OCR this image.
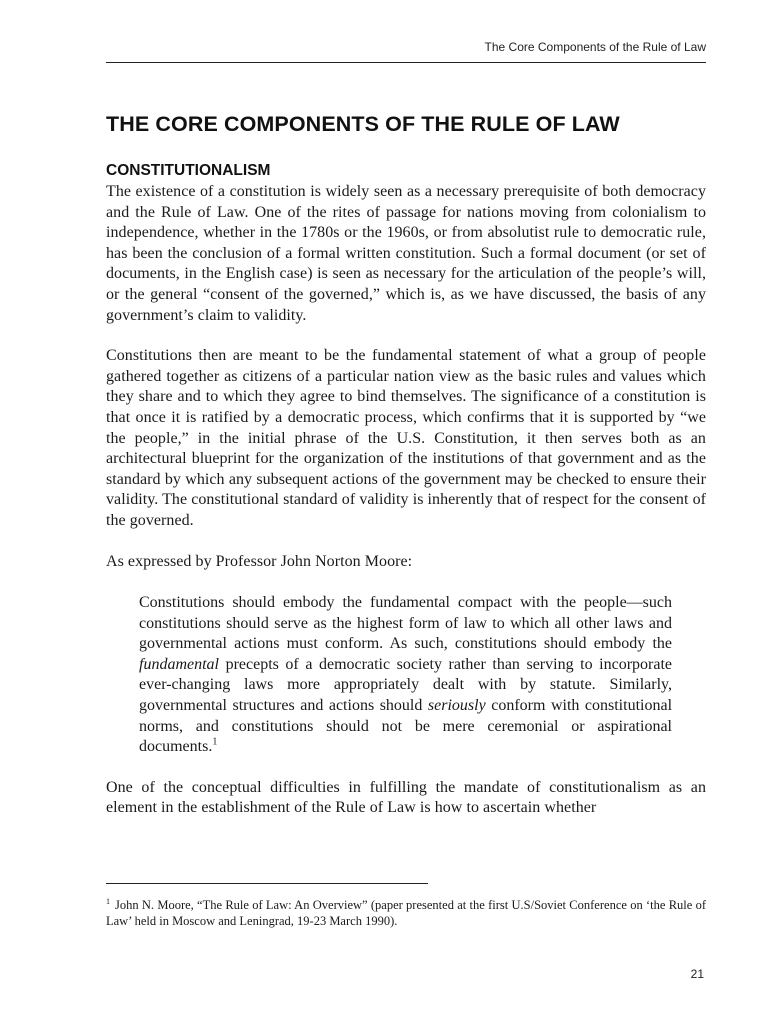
The Core Components of the Rule of Law
THE CORE COMPONENTS OF THE RULE OF LAW
CONSTITUTIONALISM

The existence of a constitution is widely seen as a necessary prerequisite of both democracy and the Rule of Law. One of the rites of passage for nations moving from colonialism to independence, whether in the 1780s or the 1960s, or from absolutist rule to democratic rule, has been the conclusion of a formal written constitution. Such a formal document (or set of documents, in the English case) is seen as necessary for the articulation of the people’s will, or the general “consent of the governed,” which is, as we have discussed, the basis of any government’s claim to validity.

Constitutions then are meant to be the fundamental statement of what a group of people gathered together as citizens of a particular nation view as the basic rules and values which they share and to which they agree to bind themselves. The significance of a constitution is that once it is ratified by a democratic process, which confirms that it is supported by “we the people,” in the initial phrase of the U.S. Constitution, it then serves both as an architectural blueprint for the organization of the institutions of that government and as the standard by which any subsequent actions of the government may be checked to ensure their validity. The constitutional standard of validity is inherently that of respect for the consent of the governed.

As expressed by Professor John Norton Moore:

Constitutions should embody the fundamental compact with the people—such constitutions should serve as the highest form of law to which all other laws and governmental actions must conform. As such, constitutions should embody the fundamental precepts of a democratic society rather than serving to incorporate ever-changing laws more appropriately dealt with by statute. Similarly, governmental structures and actions should seriously conform with constitutional norms, and constitutions should not be mere ceremonial or aspirational documents.$^1$

One of the conceptual difficulties in fulfilling the mandate of constitutionalism as an element in the establishment of the Rule of Law is how to ascertain whether

$^1$ John N. Moore, “The Rule of Law: An Overview” (paper presented at the first U.S/Soviet Conference on ‘the Rule of Law’ held in Moscow and Leningrad, 19-23 March 1990).
21
